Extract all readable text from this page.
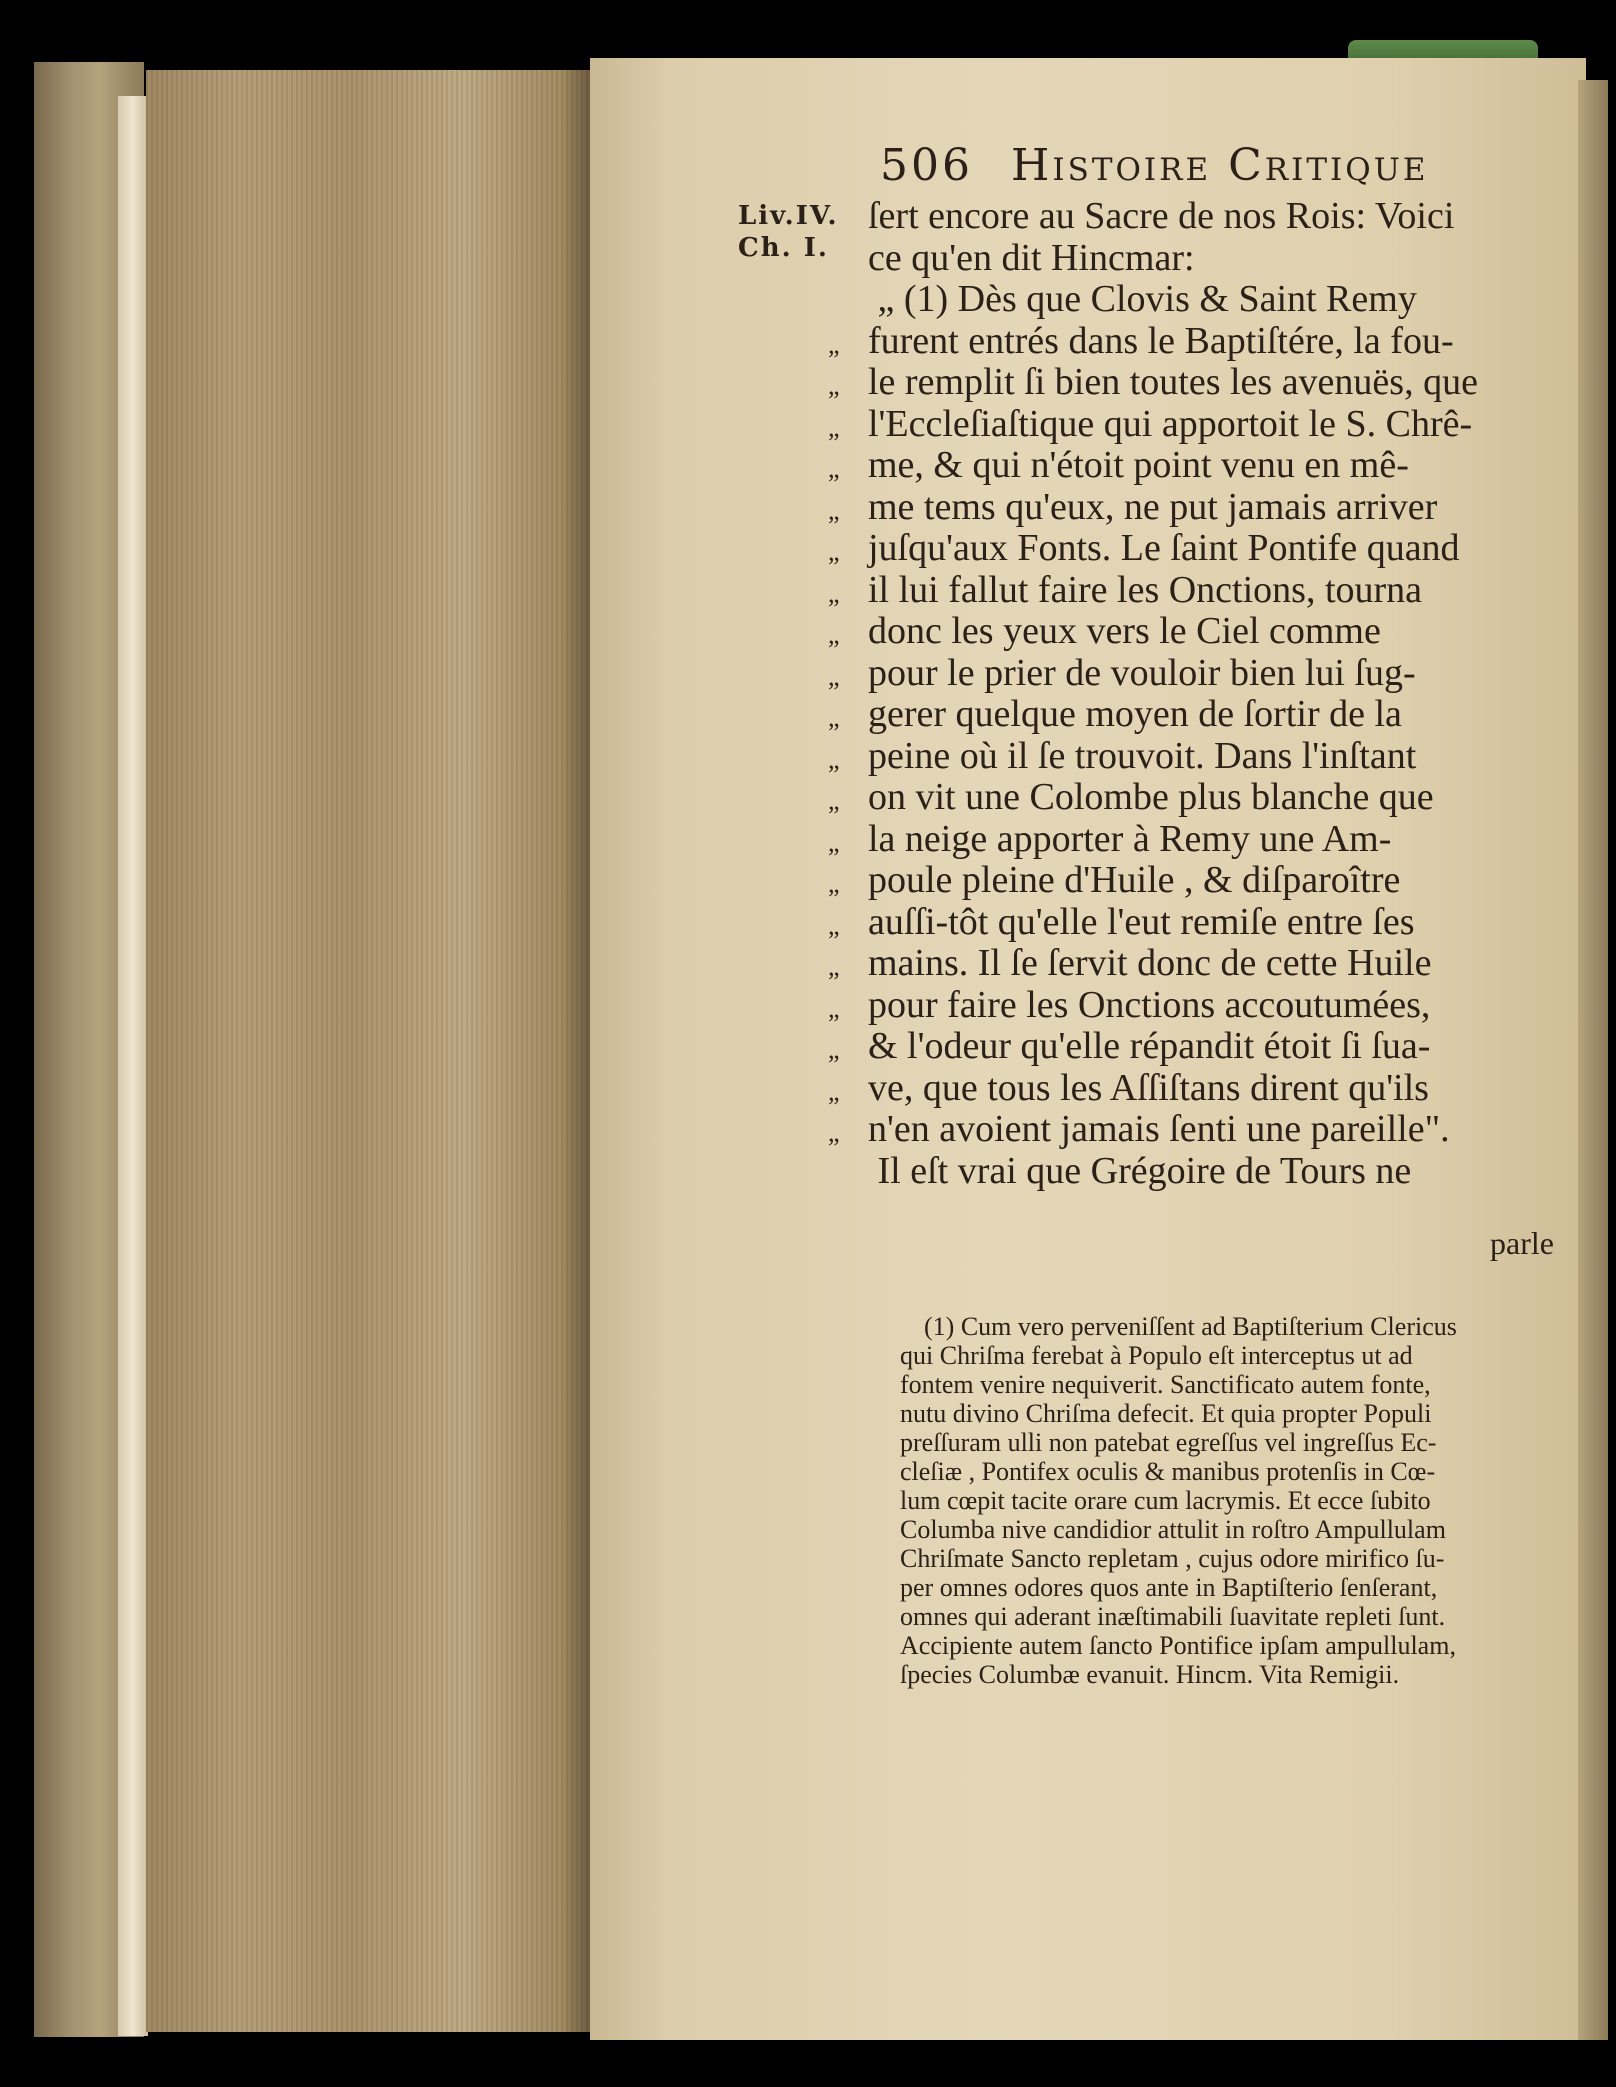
506 Histoire Critique
Liv.IV.
Ch. I.
ſert encore au Sacre de nos Rois: Voici
ce qu'en dit Hincmar:
„ (1) Dès que Clovis & Saint Remy
„ furent entrés dans le Baptiſtére, la fou-
„ le remplit ſi bien toutes les avenuës, que
„ l'Eccleſiaſtique qui apportoit le S. Chrê-
„ me, & qui n'étoit point venu en mê-
„ me tems qu'eux, ne put jamais arriver
„ juſqu'aux Fonts. Le ſaint Pontife quand
„ il lui fallut faire les Onctions, tourna
„ donc les yeux vers le Ciel comme
„ pour le prier de vouloir bien lui ſug-
„ gerer quelque moyen de ſortir de la
„ peine où il ſe trouvoit. Dans l'inſtant
„ on vit une Colombe plus blanche que
„ la neige apporter à Remy une Am-
„ poule pleine d'Huile , & diſparoître
„ auſſi-tôt qu'elle l'eut remiſe entre ſes
„ mains. Il ſe ſervit donc de cette Huile
„ pour faire les Onctions accoutumées,
„ & l'odeur qu'elle répandit étoit ſi ſua-
„ ve, que tous les Aſſiſtans dirent qu'ils
„ n'en avoient jamais ſenti une pareille".
Il eſt vrai que Grégoire de Tours ne
parle
(1) Cum vero perveniſſent ad Baptiſterium Clericus
qui Chriſma ferebat à Populo eſt interceptus ut ad
fontem venire nequiverit. Sanctificato autem fonte,
nutu divino Chriſma defecit. Et quia propter Populi
preſſuram ulli non patebat egreſſus vel ingreſſus Ec-
cleſiæ , Pontifex oculis & manibus protenſis in Cœ-
lum cœpit tacite orare cum lacrymis. Et ecce ſubito
Columba nive candidior attulit in roſtro Ampullulam
Chriſmate Sancto repletam , cujus odore mirifico ſu-
per omnes odores quos ante in Baptiſterio ſenſerant,
omnes qui aderant inæſtimabili ſuavitate repleti ſunt.
Accipiente autem ſancto Pontifice ipſam ampullulam,
ſpecies Columbæ evanuit. Hincm. Vita Remigii.
